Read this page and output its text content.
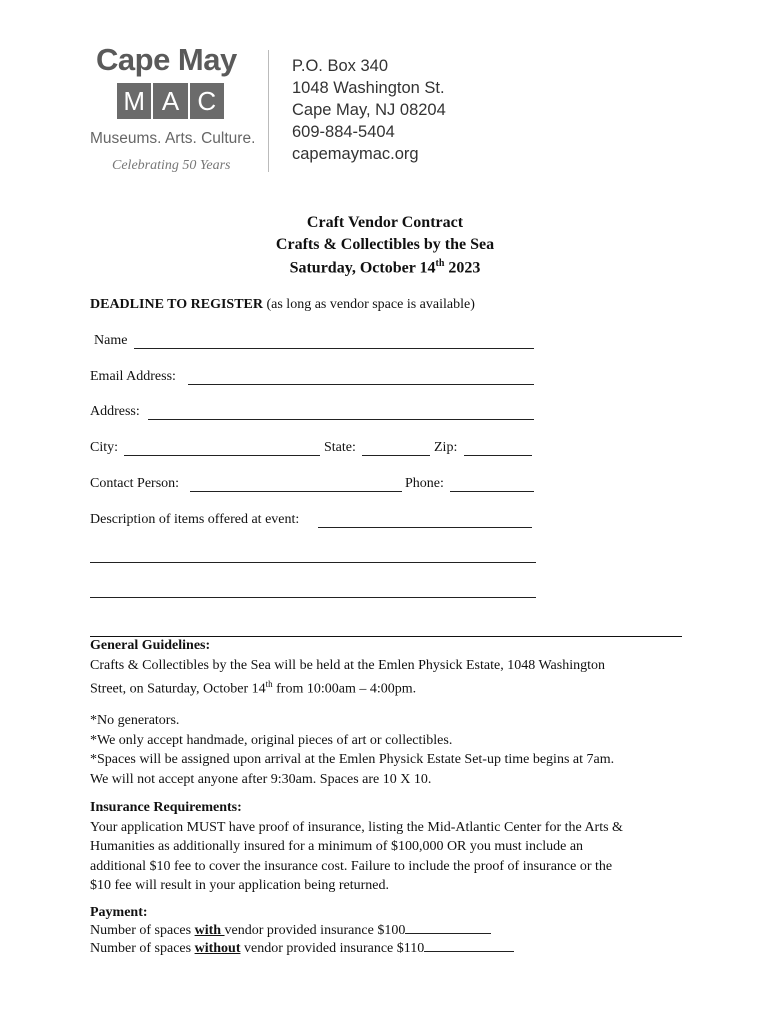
Cape May
M A C
Museums. Arts. Culture.
Celebrating 50 Years
P.O. Box 340
1048 Washington St.
Cape May, NJ 08204
609-884-5404
capemaymac.org
Craft Vendor Contract
Crafts & Collectibles by the Sea
Saturday, October 14th 2023
DEADLINE TO REGISTER (as long as vendor space is available)
Name
Email Address:
Address:
City:	State:	Zip:
Contact Person:	Phone:
Description of items offered at event:
General Guidelines:
Crafts & Collectibles by the Sea will be held at the Emlen Physick Estate, 1048 Washington
Street, on Saturday, October 14th from 10:00am – 4:00pm.
*No generators.
*We only accept handmade, original pieces of art or collectibles.
*Spaces will be assigned upon arrival at the Emlen Physick Estate Set-up time begins at 7am.
We will not accept anyone after 9:30am. Spaces are 10 X 10.
Insurance Requirements:
Your application MUST have proof of insurance, listing the Mid-Atlantic Center for the Arts &
Humanities as additionally insured for a minimum of $100,000 OR you must include an
additional $10 fee to cover the insurance cost. Failure to include the proof of insurance or the
$10 fee will result in your application being returned.
Payment:
Number of spaces with vendor provided insurance $100
Number of spaces without vendor provided insurance $110
